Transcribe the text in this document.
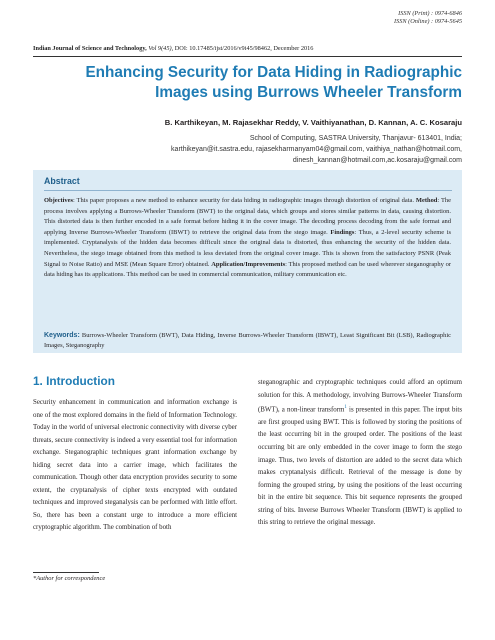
ISSN (Print) : 0974-6846
ISSN (Online) : 0974-5645
Indian Journal of Science and Technology, Vol 9(45), DOI: 10.17485/ijst/2016/v9i45/98462, December 2016
Enhancing Security for Data Hiding in Radiographic
Images using Burrows Wheeler Transform
B. Karthikeyan, M. Rajasekhar Reddy, V. Vaithiyanathan, D. Kannan, A. C. Kosaraju
School of Computing, SASTRA University, Thanjavur- 613401, India;
karthikeyan@it.sastra.edu, rajasekharmanyam04@gmail.com, vaithiya_nathan@hotmail.com,
dinesh_kannan@hotmail.com,ac.kosaraju@gmail.com
Abstract
Objectives: This paper proposes a new method to enhance security for data hiding in radiographic images through distortion of original data. Method: The process involves applying a Burrows-Wheeler Transform (BWT) to the original data, which groups and stores similar patterns in data, causing distortion. This distorted data is then further encoded in a safe format before hiding it in the cover image. The decoding process decoding from the safe format and applying Inverse Burrows-Wheeler Transform (IBWT) to retrieve the original data from the stego image. Findings: Thus, a 2-level security scheme is implemented. Cryptanalysis of the hidden data becomes difficult since the original data is distorted, thus enhancing the security of the hidden data. Nevertheless, the stego image obtained from this method is less deviated from the original cover image. This is shown from the satisfactory PSNR (Peak Signal to Noise Ratio) and MSE (Mean Square Error) obtained. Application/Improvements: This proposed method can be used wherever steganography or data hiding has its applications. This method can be used in commercial communication, military communication etc.
Keywords: Burrows-Wheeler Transform (BWT), Data Hiding, Inverse Burrows-Wheeler Transform (IBWT), Least Significant Bit (LSB), Radiographic Images, Steganography
1. Introduction
Security enhancement in communication and information exchange is one of the most explored domains in the field of Information Technology. Today in the world of universal electronic connectivity with diverse cyber threats, secure connectivity is indeed a very essential tool for information exchange. Steganographic techniques grant information exchange by hiding secret data into a carrier image, which facilitates the communication. Though other data encryption provides security to some extent, the cryptanalysis of cipher texts encrypted with outdated techniques and improved steganalysis can be performed with little effort. So, there has been a constant urge to introduce a more efficient cryptographic algorithm. The combination of both
steganographic and cryptographic techniques could afford an optimum solution for this. A methodology, involving Burrows-Wheeler Transform (BWT), a non-linear transform$^1$ is presented in this paper. The input bits are first grouped using BWT. This is followed by storing the positions of the least occurring bit in the grouped order. The positions of the least occurring bit are only embedded in the cover image to form the stego image. Thus, two levels of distortion are added to the secret data which makes cryptanalysis difficult. Retrieval of the message is done by forming the grouped string, by using the positions of the least occurring bit in the entire bit sequence. This bit sequence represents the grouped string of bits. Inverse Burrows Wheeler Transform (IBWT) is applied to this string to retrieve the original message.
*Author for correspondence
